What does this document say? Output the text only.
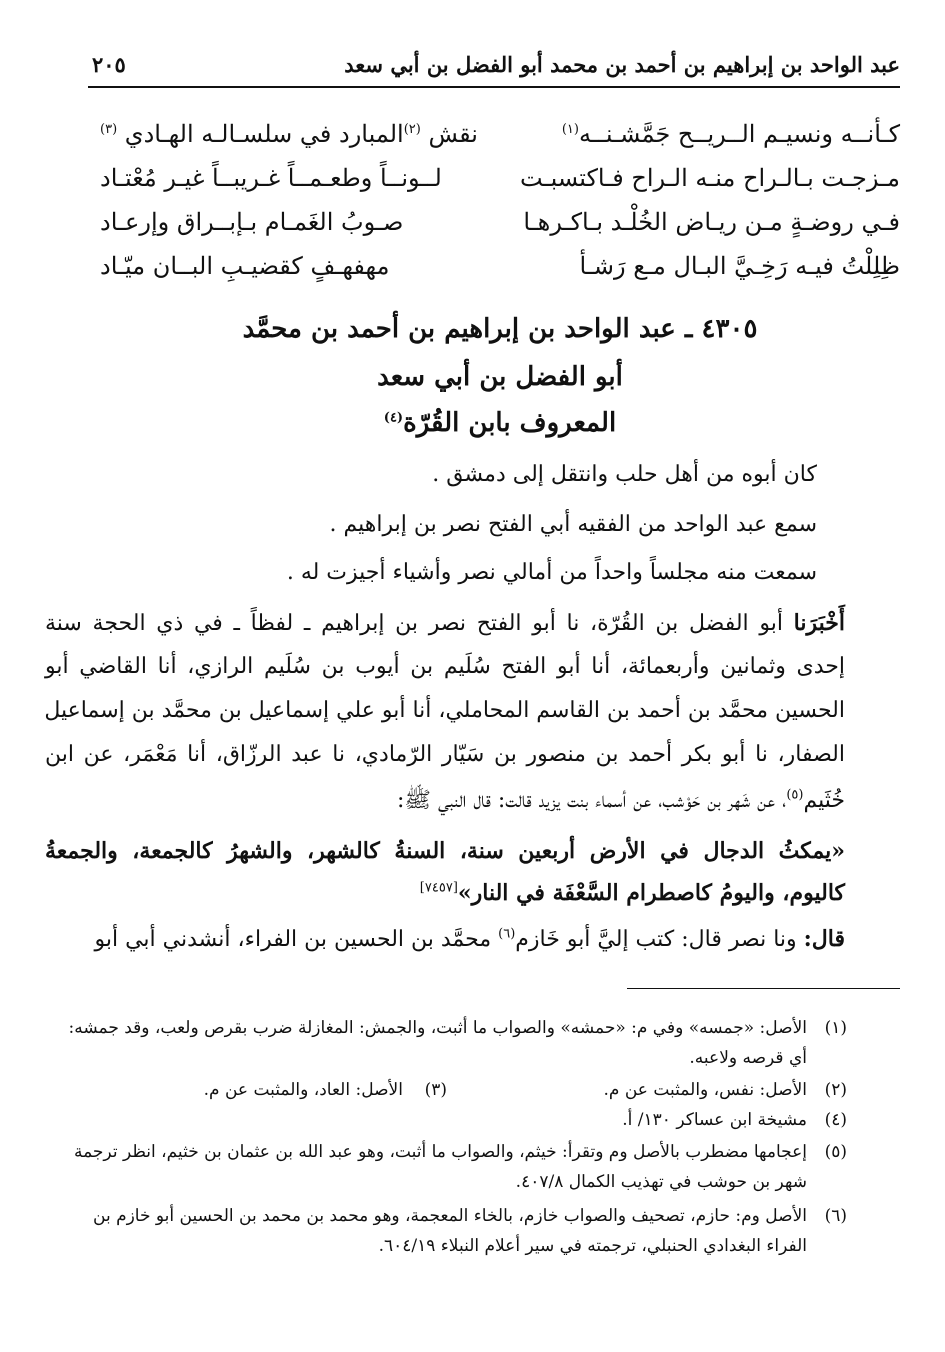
عبد الواحد بن إبراهيم بن أحمد بن محمد أبو الفضل بن أبي سعد
٢٠٥
كـأنــه ونسيـم الــريــح جَمَّشـنــه$^{(١)}$
نقش $^{(٢)}$المبارد في سلسـالـه الهـادي $^{(٣)}$
مـزجـت بـالـراح منـه الـراح فـاكتسبـت
لــونــاً وطعـمــاً غـريبــاً غيـر مُعْتـاد
فـي روضـةٍ مـن ريـاض الخُلْـد بـاكـرهـا
صـوبُ الغَمـام بـإبــراق وإرعـاد
ظِلِلْتُ فيـه رَخِـيَّ البـال مـع رَشـأ
مهفهـفٍ كقضيـبِ البــان ميّـاد
٤٣٠٥ ـ عبد الواحد بن إبراهيم بن أحمد بن محمَّد
أبو الفضل بن أبي سعد
المعروف بابن القُرّة$^{(٤)}$
كان أبوه من أهل حلب وانتقل إلى دمشق .
سمع عبد الواحد من الفقيه أبي الفتح نصر بن إبراهيم .
سمعت منه مجلساً واحداً من أمالي نصر وأشياء أجيزت له .
أَخْبَرَنا أبو الفضل بن القُرّة، نا أبو الفتح نصر بن إبراهيم ـ لفظاً ـ في ذي الحجة سنة
إحدى وثمانين وأربعمائة، أنا أبو الفتح سُلَيم بن أيوب بن سُلَيم الرازي، أنا القاضي أبو
الحسين محمَّد بن أحمد بن القاسم المحاملي، أنا أبو علي إسماعيل بن محمَّد بن إسماعيل
الصفار، نا أبو بكر أحمد بن منصور بن سَيّار الرّمادي، نا عبد الرزّاق، أنا مَعْمَر، عن ابن
خُثَيم$^{(٥)}$، عن شَهر بن حَوْشب، عن أسماء بنت يزيد قالت: قال النبي ﷺ:
«يمكثُ الدجال في الأرض أربعين سنة، السنةُ كالشهر، والشهرُ كالجمعة، والجمعةُ
كاليوم، واليومُ كاصطرام السَّعْفَة في النار»[٧٤٥٧]
قال: ونا نصر قال: كتب إليَّ أبو خَازم$^{(٦)}$ محمَّد بن الحسين بن الفراء، أنشدني أبي أبو
(١)
الأصل: «جمسه» وفي م: «حمشه» والصواب ما أثبت، والجمش: المغازلة ضرب بقرص ولعب، وقد جمشه:
أي قرصه ولاعبه.
(٢)
الأصل: نفس، والمثبت عن م.
(٣)    الأصل: العاد، والمثبت عن م.
(٤)
مشيخة ابن عساكر ١٣٠/ أ.
(٥)
إعجامها مضطرب بالأصل وم وتقرأ: خيثم، والصواب ما أثبت، وهو عبد الله بن عثمان بن خثيم، انظر ترجمة
شهر بن حوشب في تهذيب الكمال ٤٠٧/٨.
(٦)
الأصل وم: حازم، تصحيف والصواب خازم، بالخاء المعجمة، وهو محمد بن محمد بن الحسين أبو خازم بن
الفراء البغدادي الحنبلي، ترجمته في سير أعلام النبلاء ٦٠٤/١٩.
